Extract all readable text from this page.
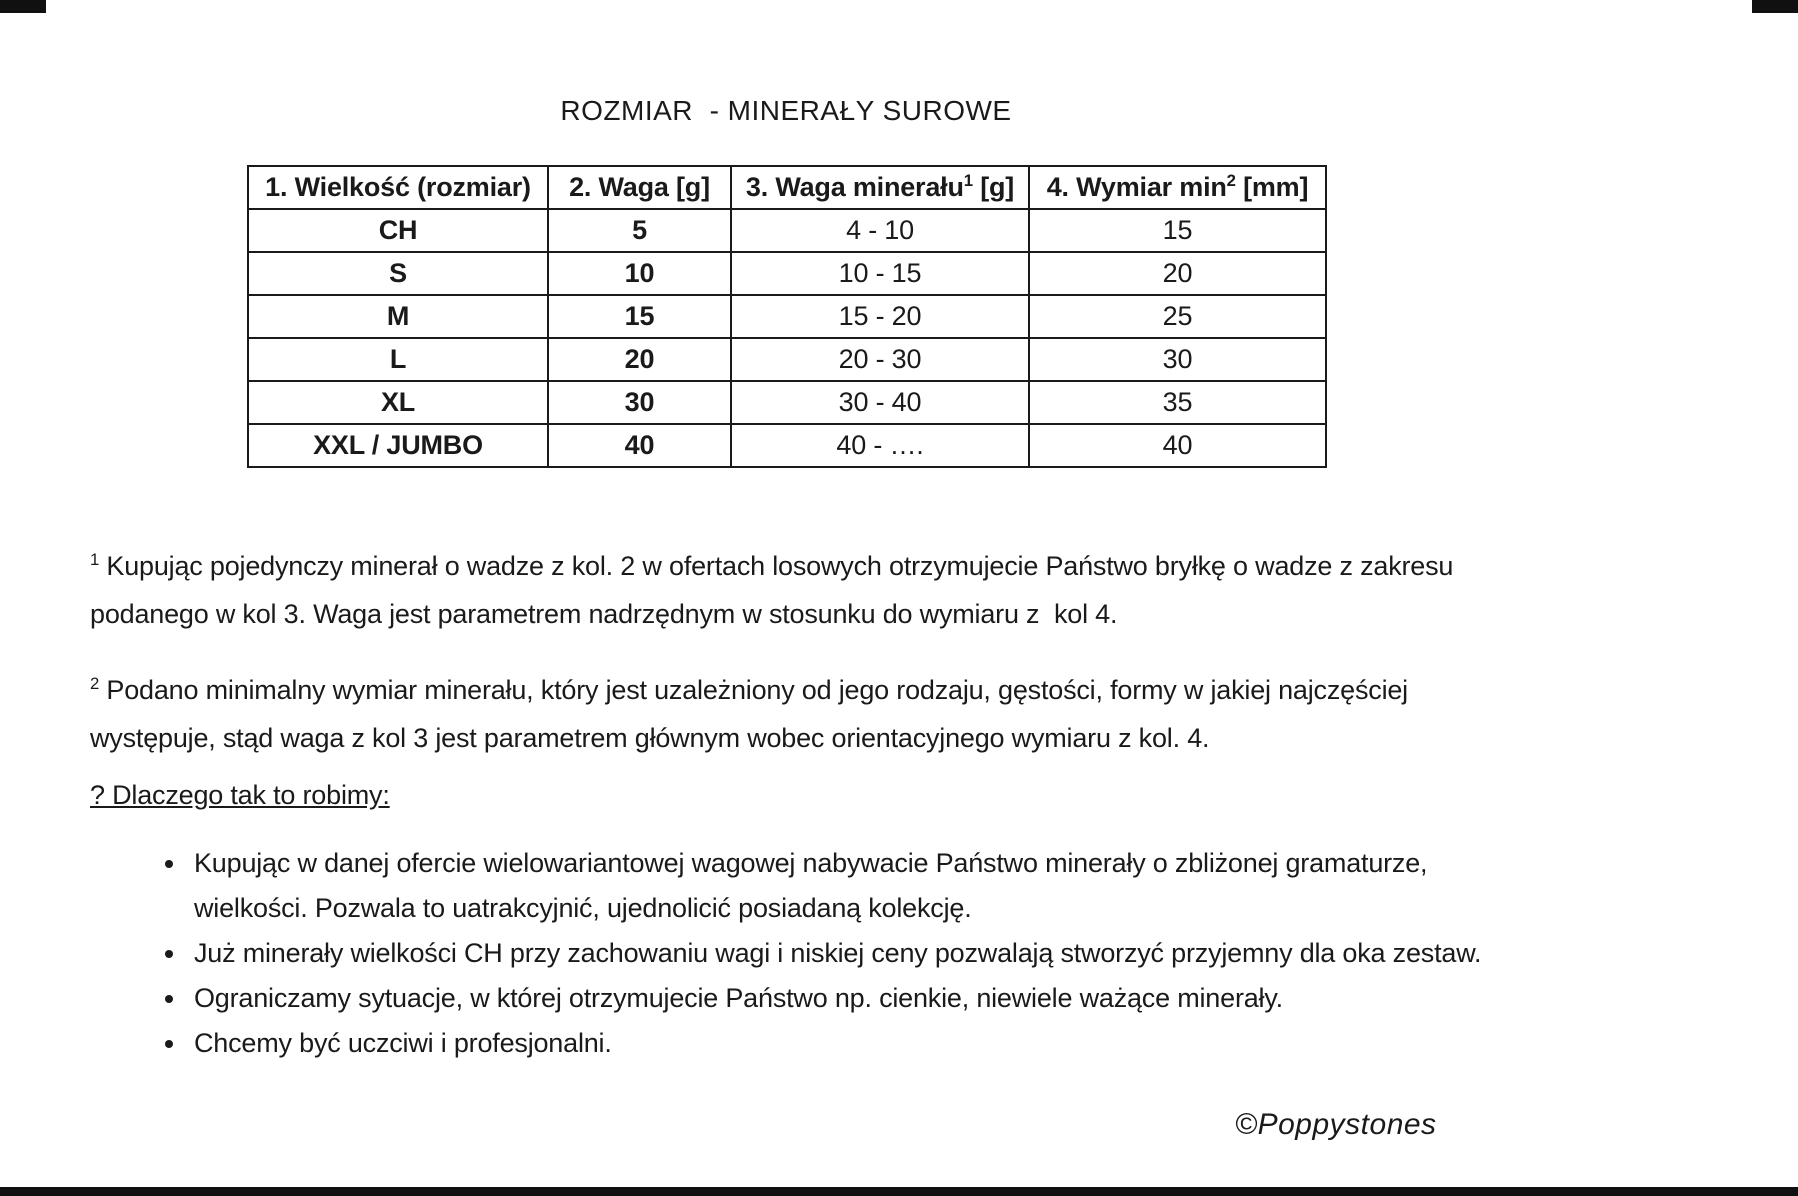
ROZMIAR  - MINERAŁY SUROWE
1. Wielkość (rozmiar)	2. Waga [g]	3. Waga minerału$^1$ [g]	4. Wymiar min$^2$ [mm]
CH	5	4 - 10	15
S	10	10 - 15	20
M	15	15 - 20	25
L	20	20 - 30	30
XL	30	30 - 40	35
XXL / JUMBO	40	40 - ….	40

$^1$ Kupując pojedynczy minerał o wadze z kol. 2 w ofertach losowych otrzymujecie Państwo bryłkę o wadze z zakresu podanego w kol 3. Waga jest parametrem nadrzędnym w stosunku do wymiaru z  kol 4.

$^2$ Podano minimalny wymiar minerału, który jest uzależniony od jego rodzaju, gęstości, formy w jakiej najczęściej występuje, stąd waga z kol 3 jest parametrem głównym wobec orientacyjnego wymiaru z kol. 4.

? Dlaczego tak to robimy:
• Kupując w danej ofercie wielowariantowej wagowej nabywacie Państwo minerały o zbliżonej gramaturze, wielkości. Pozwala to uatrakcyjnić, ujednolicić posiadaną kolekcję.
• Już minerały wielkości CH przy zachowaniu wagi i niskiej ceny pozwalają stworzyć przyjemny dla oka zestaw.
• Ograniczamy sytuacje, w której otrzymujecie Państwo np. cienkie, niewiele ważące minerały.
• Chcemy być uczciwi i profesjonalni.
©Poppystones
